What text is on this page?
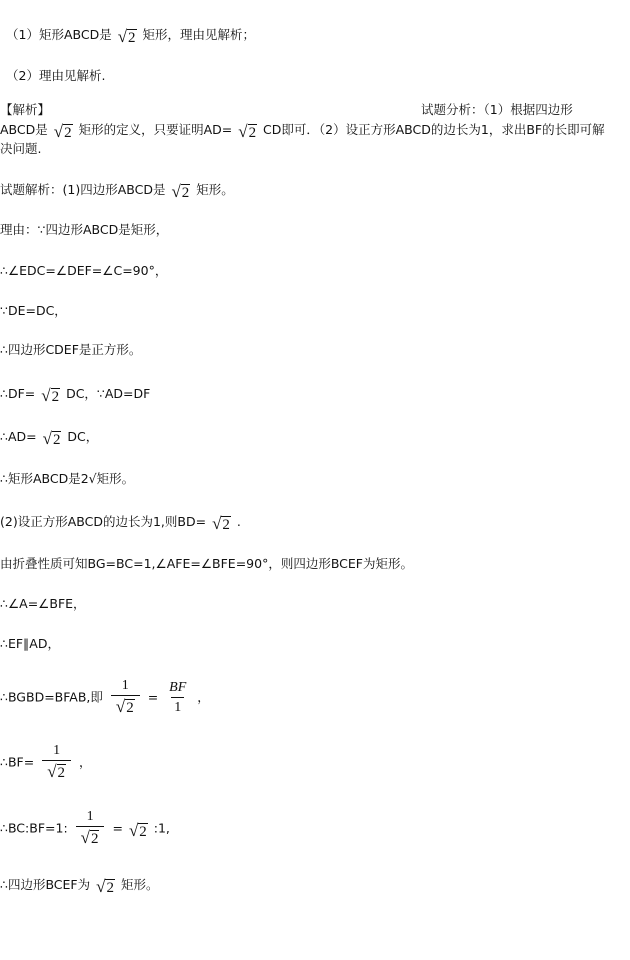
（1）矩形ABCD是 √2 矩形，理由见解析；
（2）理由见解析.
【解析】	试题分析：（1）根据四边形
ABCD是 √2 矩形的定义，只要证明AD= √2 CD即可．（2）设正方形ABCD的边长为1，求出BF的长即可解
决问题.
试题解析：(1)四边形ABCD是 √2 矩形。
理由：∵四边形ABCD是矩形，
∴∠EDC=∠DEF=∠C=90°，
∵DE=DC，
∴四边形CDEF是正方形。
∴DF= √2 DC，∵AD=DF
∴AD= √2 DC，
∴矩形ABCD是2√矩形。
(2)设正方形ABCD的边长为1,则BD= √2 .
由折叠性质可知BG=BC=1,∠AFE=∠BFE=90°，则四边形BCEF为矩形。
∴∠A=∠BFE，
∴EF∥AD，
∴BGBD=BFAB,即 $\frac{1}{√2} = \frac{BF}{1}$ ，
∴BF= $\frac{1}{√2}$ ，
∴BC:BF=1: $\frac{1}{√2} = √2$ :1,
∴四边形BCEF为 √2 矩形。
